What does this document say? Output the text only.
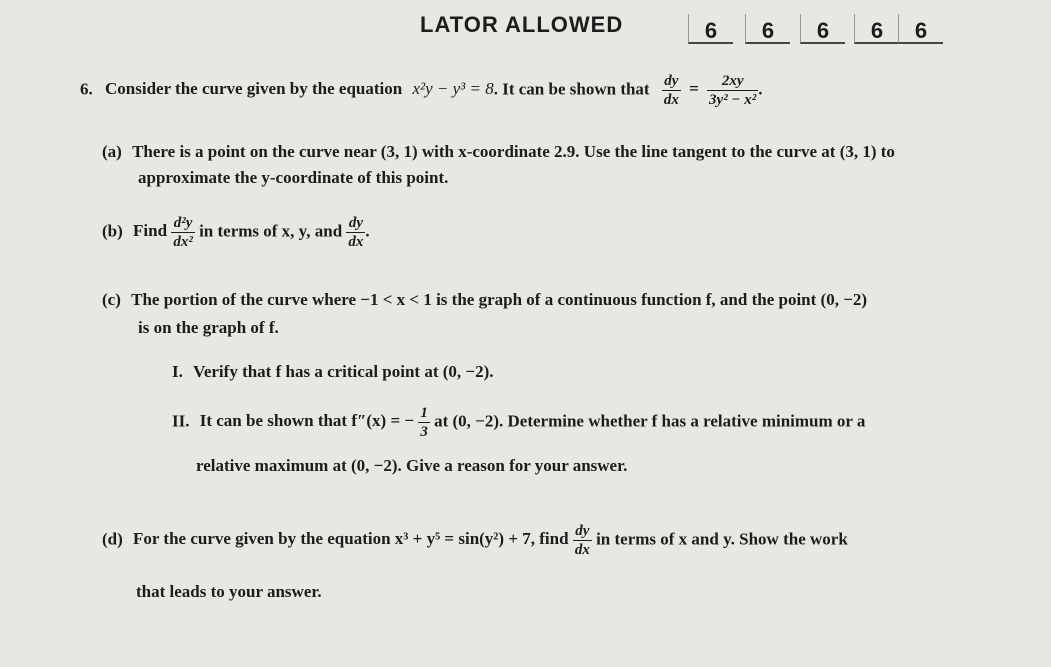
LATOR ALLOWED	6	6	6	6	6
6. Consider the curve given by the equation x²y − y³ = 8. It can be shown that $\frac{dy}{dx} = \frac{2xy}{\text{3y² − x²}}$ .
(a) There is a point on the curve near (3, 1) with x-coordinate 2.9. Use the line tangent to the curve at (3, 1) to
approximate the y-coordinate of this point.
(b) Find $\frac{\text{d²y}}{\text{dx²}}$ in terms of x, y, and $\frac{dy}{dx}$ .
(c) The portion of the curve where −1 < x < 1 is the graph of a continuous function f, and the point (0, −2)
is on the graph of f.
I. Verify that f has a critical point at (0, −2).
II. It can be shown that f″(x) = − $\frac{1}{3}$ at (0, −2). Determine whether f has a relative minimum or a
relative maximum at (0, −2). Give a reason for your answer.
(d) For the curve given by the equation x³ + y⁵ = sin(y²) + 7, find $\frac{dy}{dx}$ in terms of x and y. Show the work
that leads to your answer.
